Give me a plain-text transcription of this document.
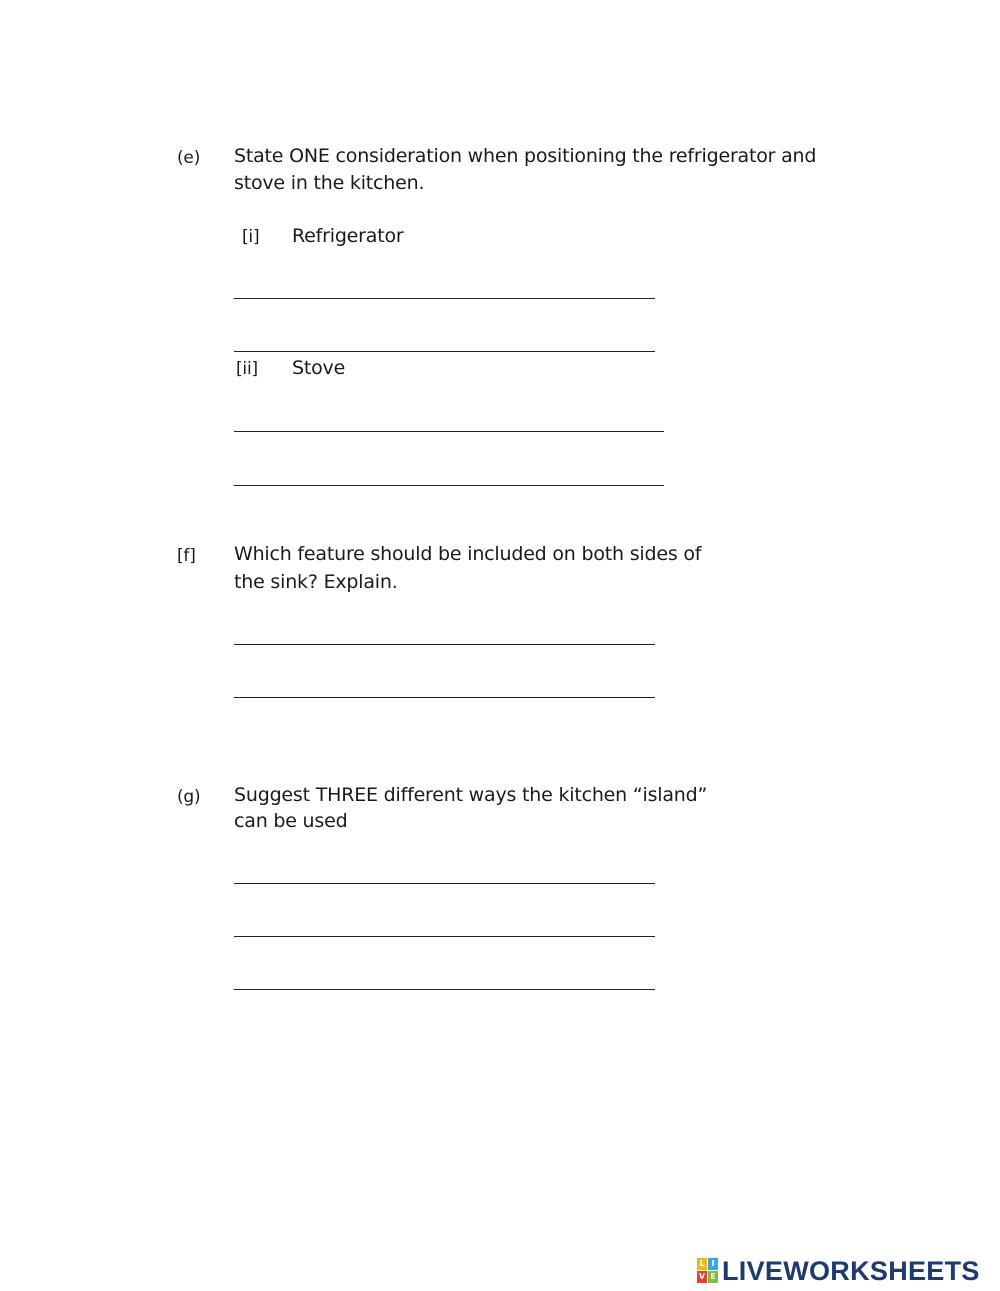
(e) State ONE consideration when positioning the refrigerator and
stove in the kitchen.
[i] Refrigerator
[ii] Stove
[f] Which feature should be included on both sides of
the sink? Explain.
(g) Suggest THREE different ways the kitchen “island”
can be used
L I
V E LIVEWORKSHEETS
